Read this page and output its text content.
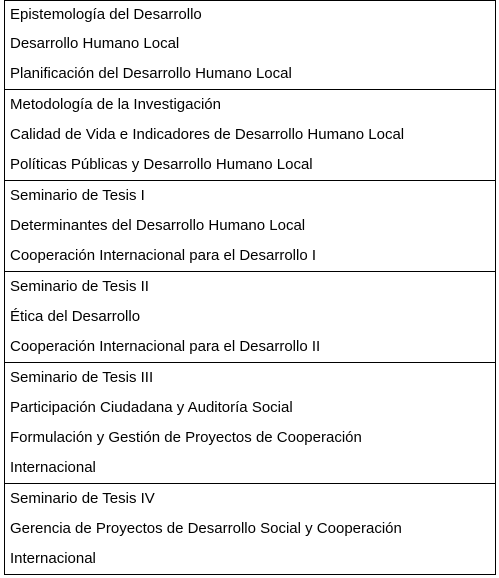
Epistemología del Desarrollo
Desarrollo Humano Local
Planificación del Desarrollo Humano Local

Metodología de la Investigación
Calidad de Vida e Indicadores de Desarrollo Humano Local
Políticas Públicas y Desarrollo Humano Local

Seminario de Tesis I
Determinantes del Desarrollo Humano Local
Cooperación Internacional para el Desarrollo I

Seminario de Tesis II
Ética del Desarrollo
Cooperación Internacional para el Desarrollo II

Seminario de Tesis III
Participación Ciudadana y Auditoría Social
Formulación y Gestión de Proyectos de Cooperación
Internacional

Seminario de Tesis IV
Gerencia de Proyectos de Desarrollo Social y Cooperación
Internacional
